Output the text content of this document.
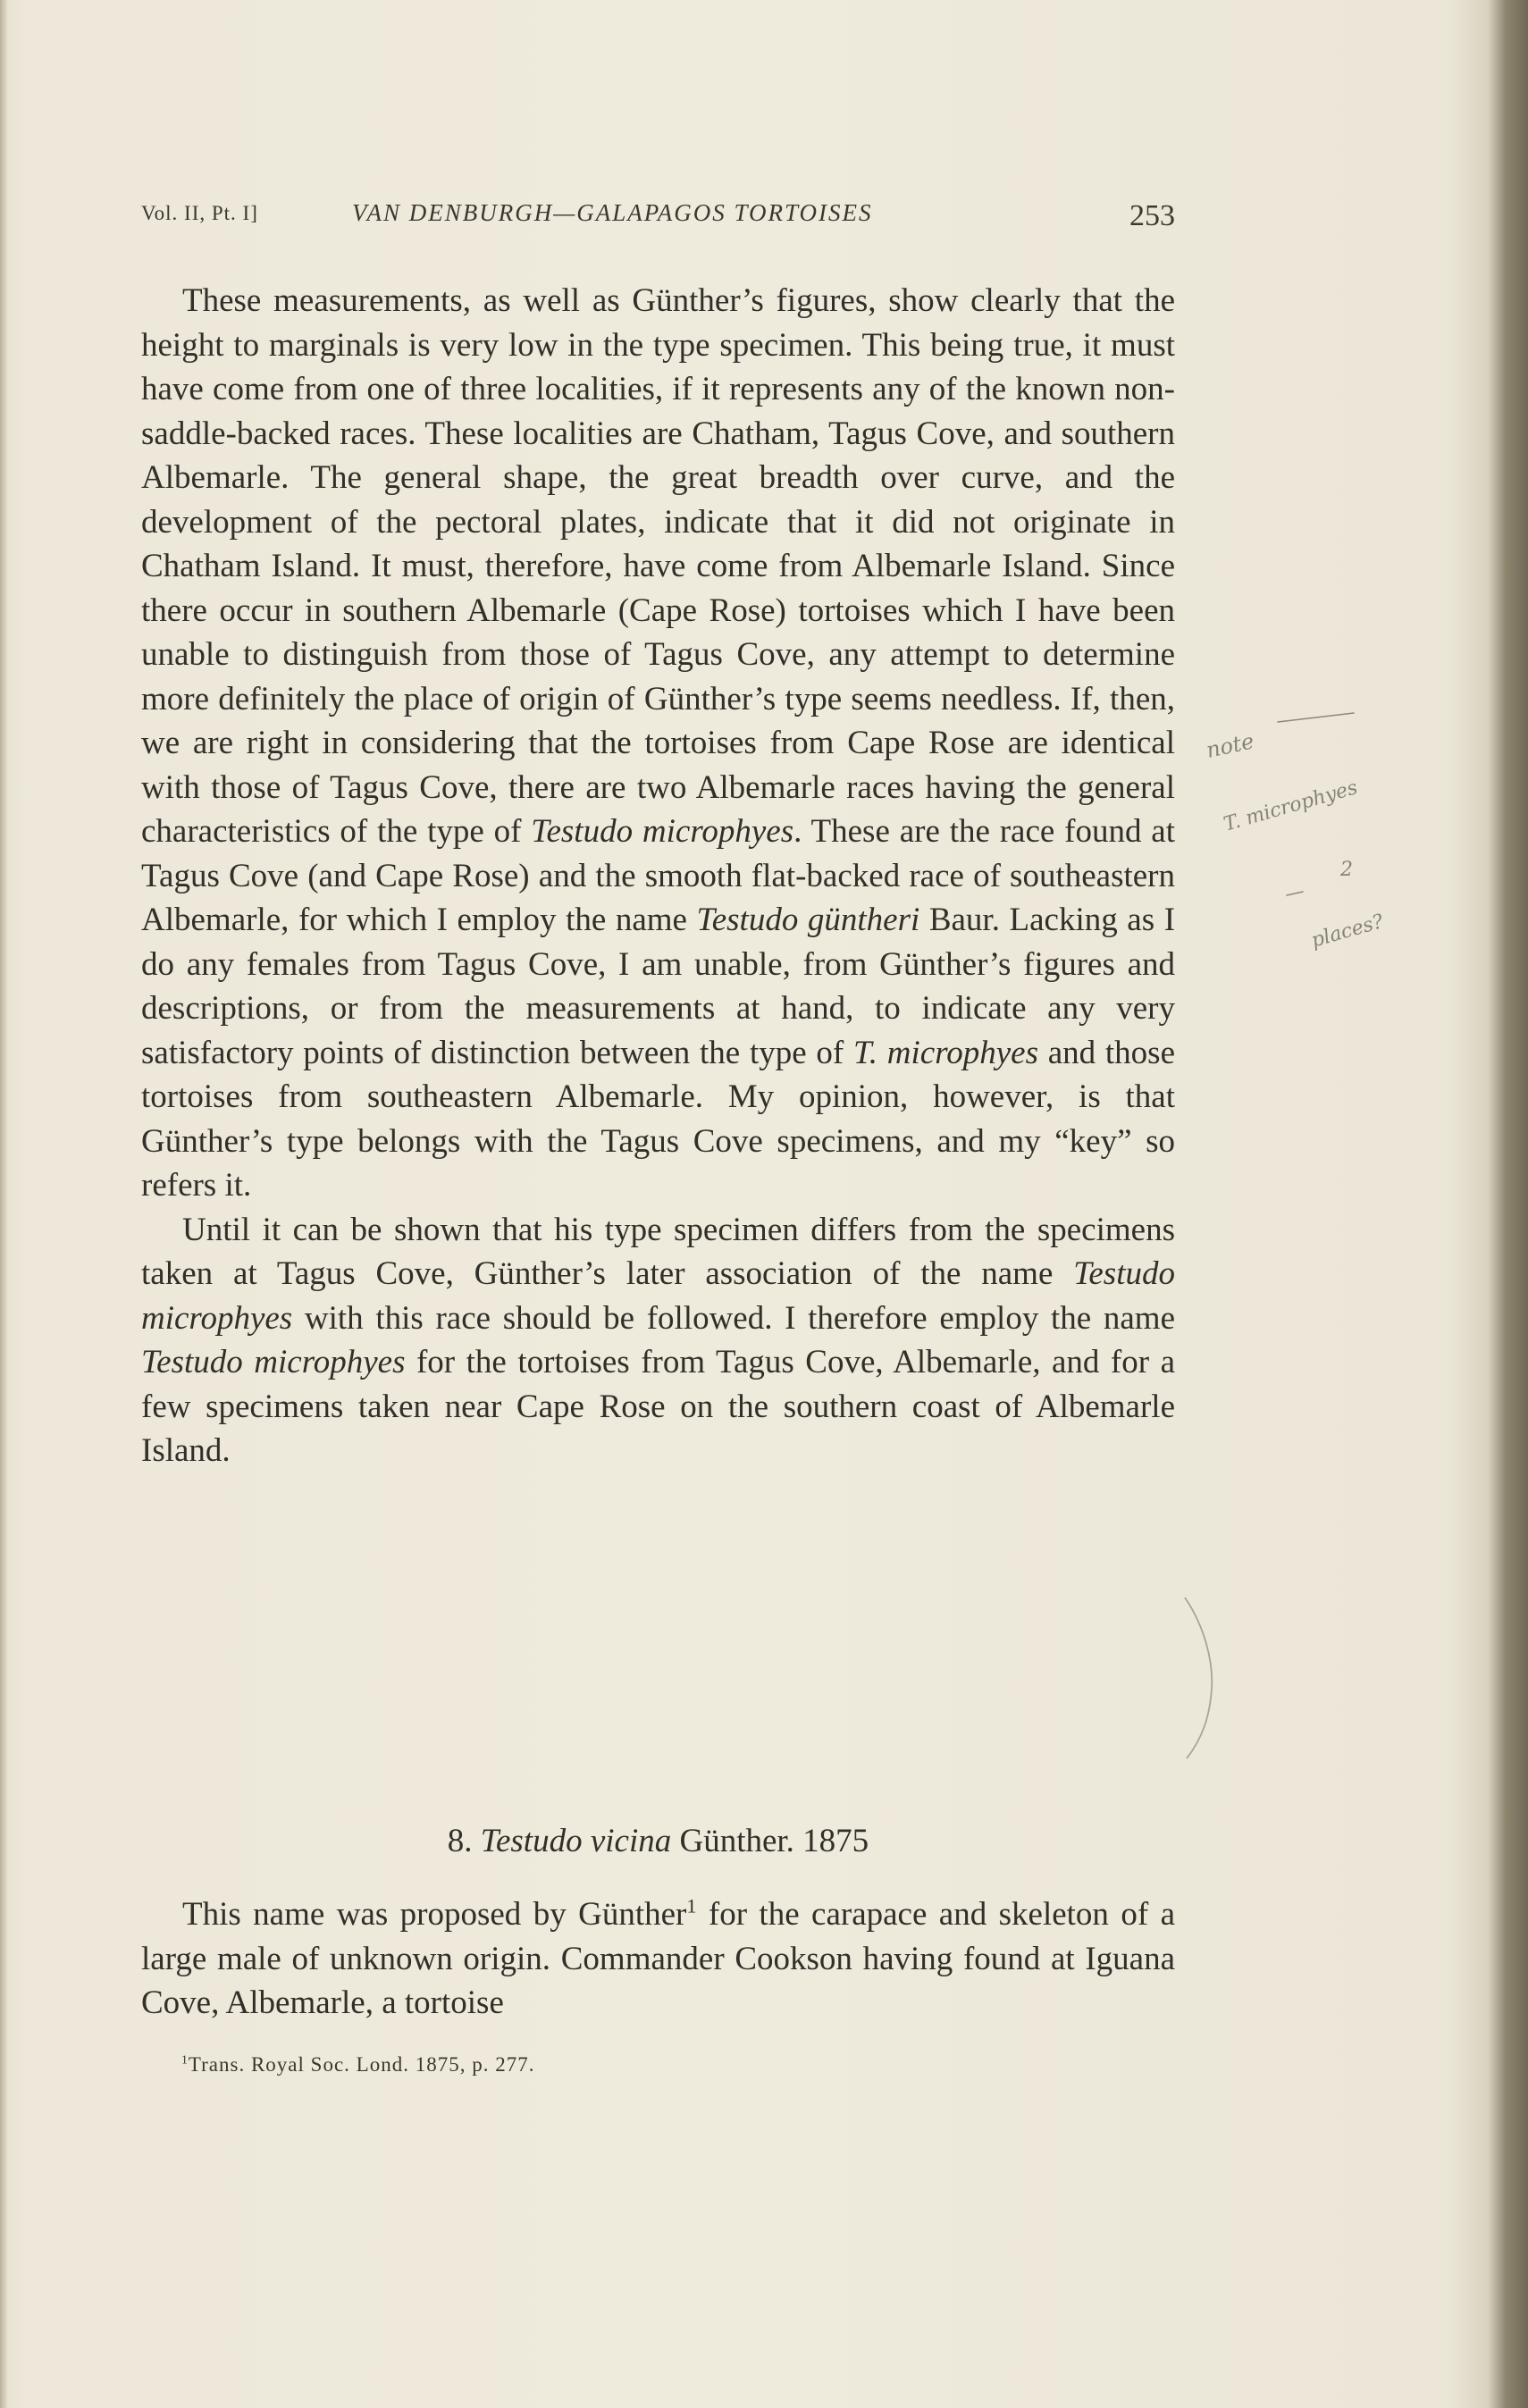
Vol. II, Pt. I]	VAN DENBURGH—GALAPAGOS TORTOISES	253

These measurements, as well as Günther’s figures, show clearly that the height to marginals is very low in the type specimen. This being true, it must have come from one of three localities, if it represents any of the known non-saddle-backed races. These localities are Chatham, Tagus Cove, and southern Albemarle. The general shape, the great breadth over curve, and the development of the pectoral plates, indicate that it did not originate in Chatham Island. It must, therefore, have come from Albemarle Island. Since there occur in southern Albemarle (Cape Rose) tortoises which I have been unable to distinguish from those of Tagus Cove, any attempt to determine more definitely the place of origin of Günther’s type seems needless. If, then, we are right in considering that the tortoises from Cape Rose are identical with those of Tagus Cove, there are two Albemarle races having the general characteristics of the type of Testudo microphyes. These are the race found at Tagus Cove (and Cape Rose) and the smooth flat-backed race of southeastern Albemarle, for which I employ the name Testudo güntheri Baur. Lacking as I do any females from Tagus Cove, I am unable, from Günther’s figures and descriptions, or from the measurements at hand, to indicate any very satisfactory points of distinction between the type of T. microphyes and those tortoises from southeastern Albemarle. My opinion, however, is that Günther’s type belongs with the Tagus Cove specimens, and my “key” so refers it.

Until it can be shown that his type specimen differs from the specimens taken at Tagus Cove, Günther’s later association of the name Testudo microphyes with this race should be followed. I therefore employ the name Testudo microphyes for the tortoises from Tagus Cove, Albemarle, and for a few specimens taken near Cape Rose on the southern coast of Albemarle Island.

8. Testudo vicina Günther. 1875

This name was proposed by Günther$^1$ for the carapace and skeleton of a large male of unknown origin. Commander Cookson having found at Iguana Cove, Albemarle, a tortoise

$^1$Trans. Royal Soc. Lond. 1875, p. 277.
note
T. microphyes
2
places?
